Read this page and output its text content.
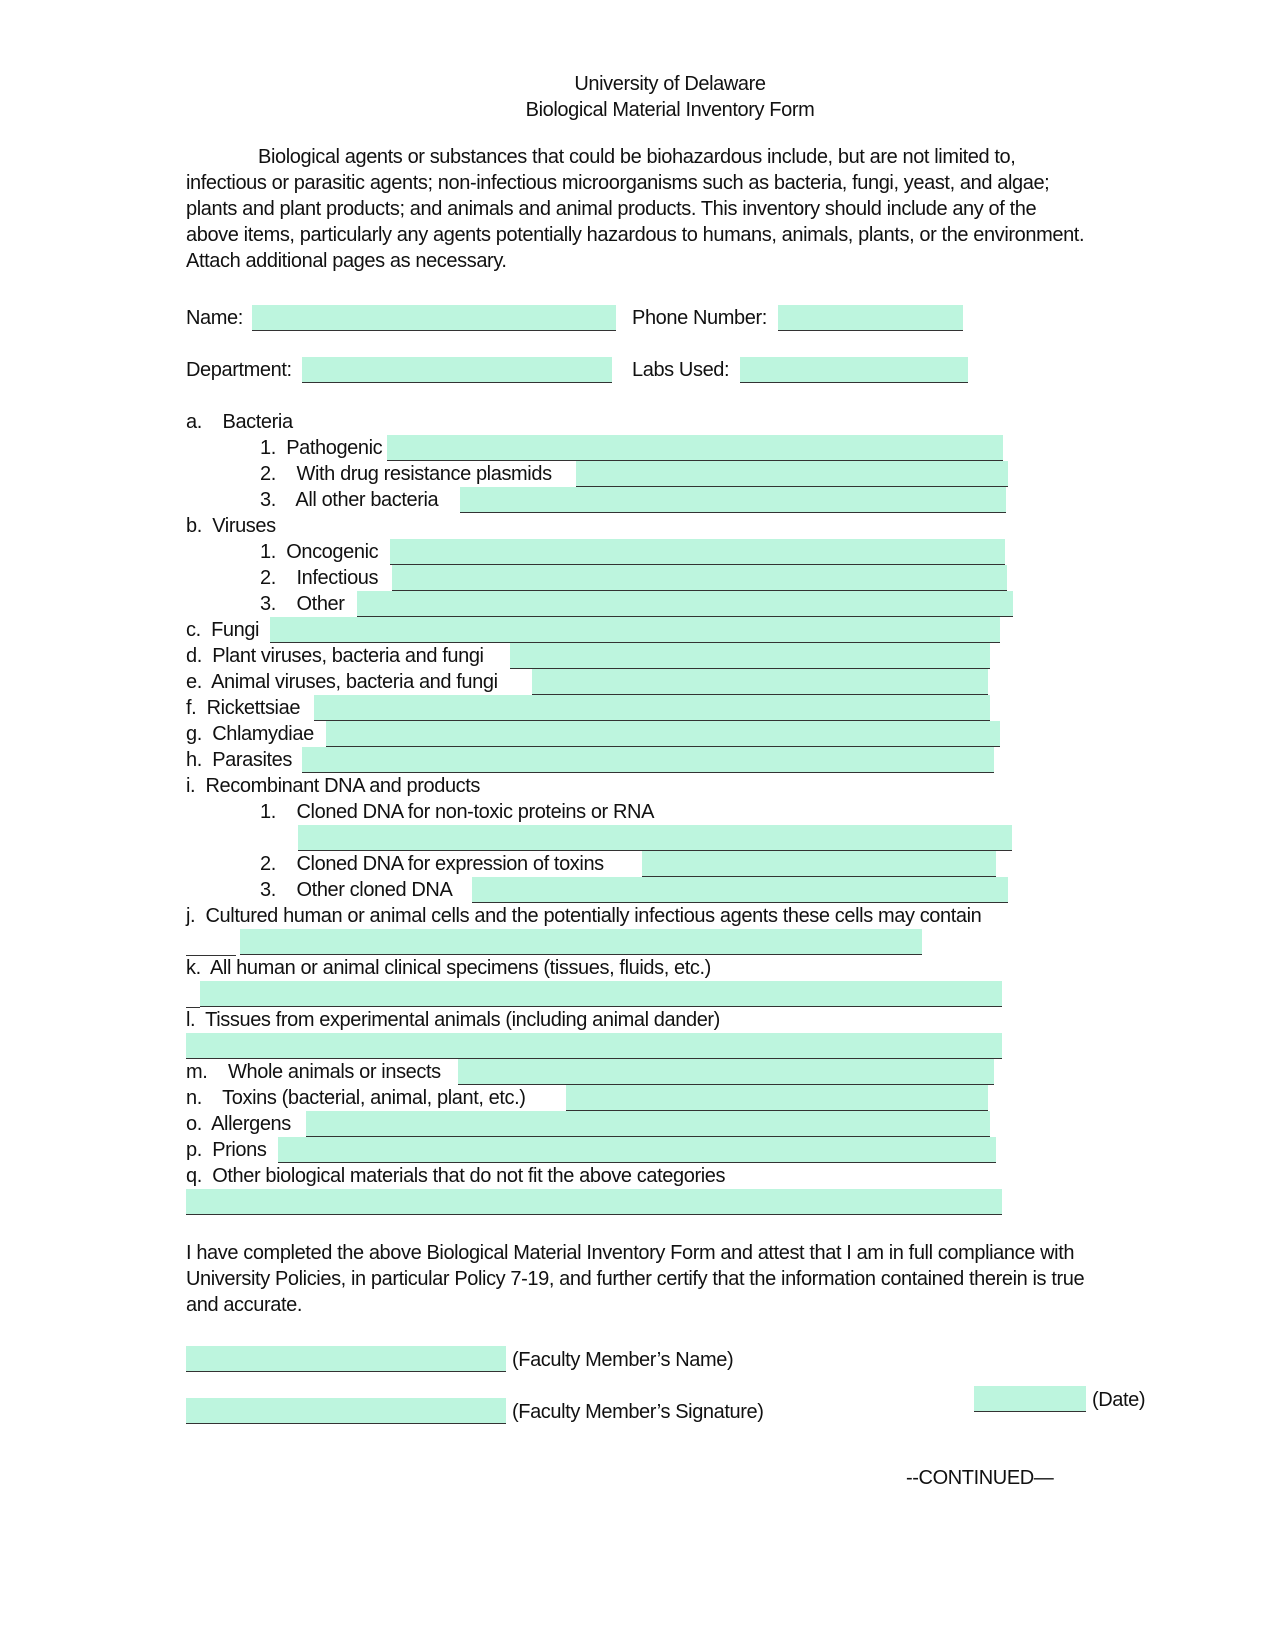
University of Delaware
Biological Material Inventory Form
Biological agents or substances that could be biohazardous include, but are not limited to, infectious or parasitic agents; non-infectious microorganisms such as bacteria, fungi, yeast, and algae; plants and plant products; and animals and animal products. This inventory should include any of the above items, particularly any agents potentially hazardous to humans, animals, plants, or the environment. Attach additional pages as necessary.
Name:	Phone Number:
Department:	Labs Used:
a.    Bacteria
1.  Pathogenic
2.    With drug resistance plasmids
3.    All other bacteria
b.  Viruses
1.  Oncogenic
2.    Infectious
3.    Other
c.  Fungi
d.  Plant viruses, bacteria and fungi
e.  Animal viruses, bacteria and fungi
f.  Rickettsiae
g.  Chlamydiae
h.  Parasites
i.  Recombinant DNA and products
1.    Cloned DNA for non-toxic proteins or RNA
2.    Cloned DNA for expression of toxins
3.    Other cloned DNA
j.  Cultured human or animal cells and the potentially infectious agents these cells may contain
k.  All human or animal clinical specimens (tissues, fluids, etc.)
l.  Tissues from experimental animals (including animal dander)
m.    Whole animals or insects
n.    Toxins (bacterial, animal, plant, etc.)
o.  Allergens
p.  Prions
q.  Other biological materials that do not fit the above categories
I have completed the above Biological Material Inventory Form and attest that I am in full compliance with University Policies, in particular Policy 7-19, and further certify that the information contained therein is true and accurate.
(Faculty Member’s Name)
(Faculty Member’s Signature)
(Date)
--CONTINUED—
